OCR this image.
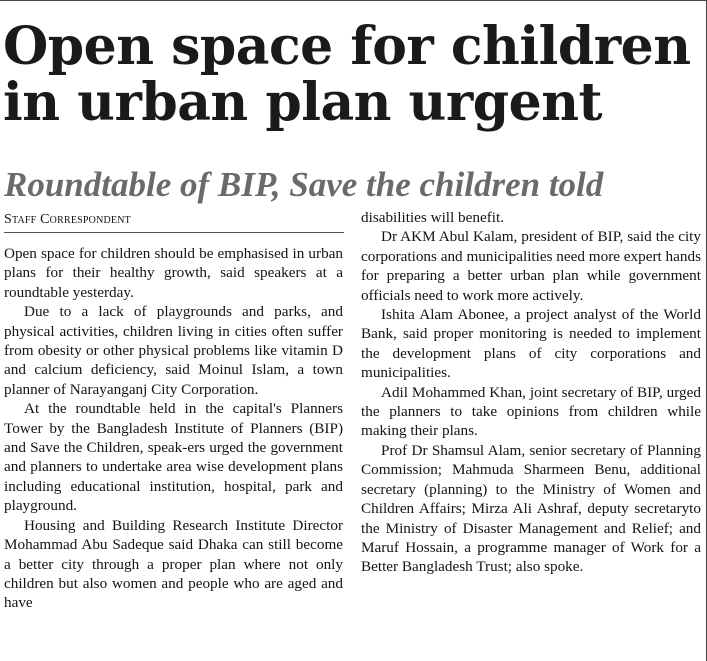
Open space for children in urban plan urgent
Roundtable of BIP, Save the children told
Staff Correspondent

Open space for children should be emphasised in urban plans for their healthy growth, said speakers at a roundtable yesterday.

Due to a lack of playgrounds and parks, and physical activities, children living in cities often suffer from obesity or other physical problems like vitamin D and calcium deficiency, said Moinul Islam, a town planner of Narayanganj City Corporation.

At the roundtable held in the capital's Planners Tower by the Bangladesh Institute of Planners (BIP) and Save the Children, speak-ers urged the government and planners to undertake area wise development plans including educational institution, hospital, park and playground.

Housing and Building Research Institute Director Mohammad Abu Sadeque said Dhaka can still become a better city through a proper plan where not only children but also women and people who are aged and have

disabilities will benefit.

Dr AKM Abul Kalam, president of BIP, said the city corporations and municipalities need more expert hands for preparing a better urban plan while government officials need to work more actively.

Ishita Alam Abonee, a project analyst of the World Bank, said proper monitoring is needed to implement the development plans of city corporations and municipalities.

Adil Mohammed Khan, joint secretary of BIP, urged the planners to take opinions from children while making their plans.

Prof Dr Shamsul Alam, senior secretary of Planning Commission; Mahmuda Sharmeen Benu, additional secretary (planning) to the Ministry of Women and Children Affairs; Mirza Ali Ashraf, deputy secretaryto the Ministry of Disaster Management and Relief; and Maruf Hossain, a programme manager of Work for a Better Bangladesh Trust; also spoke.
